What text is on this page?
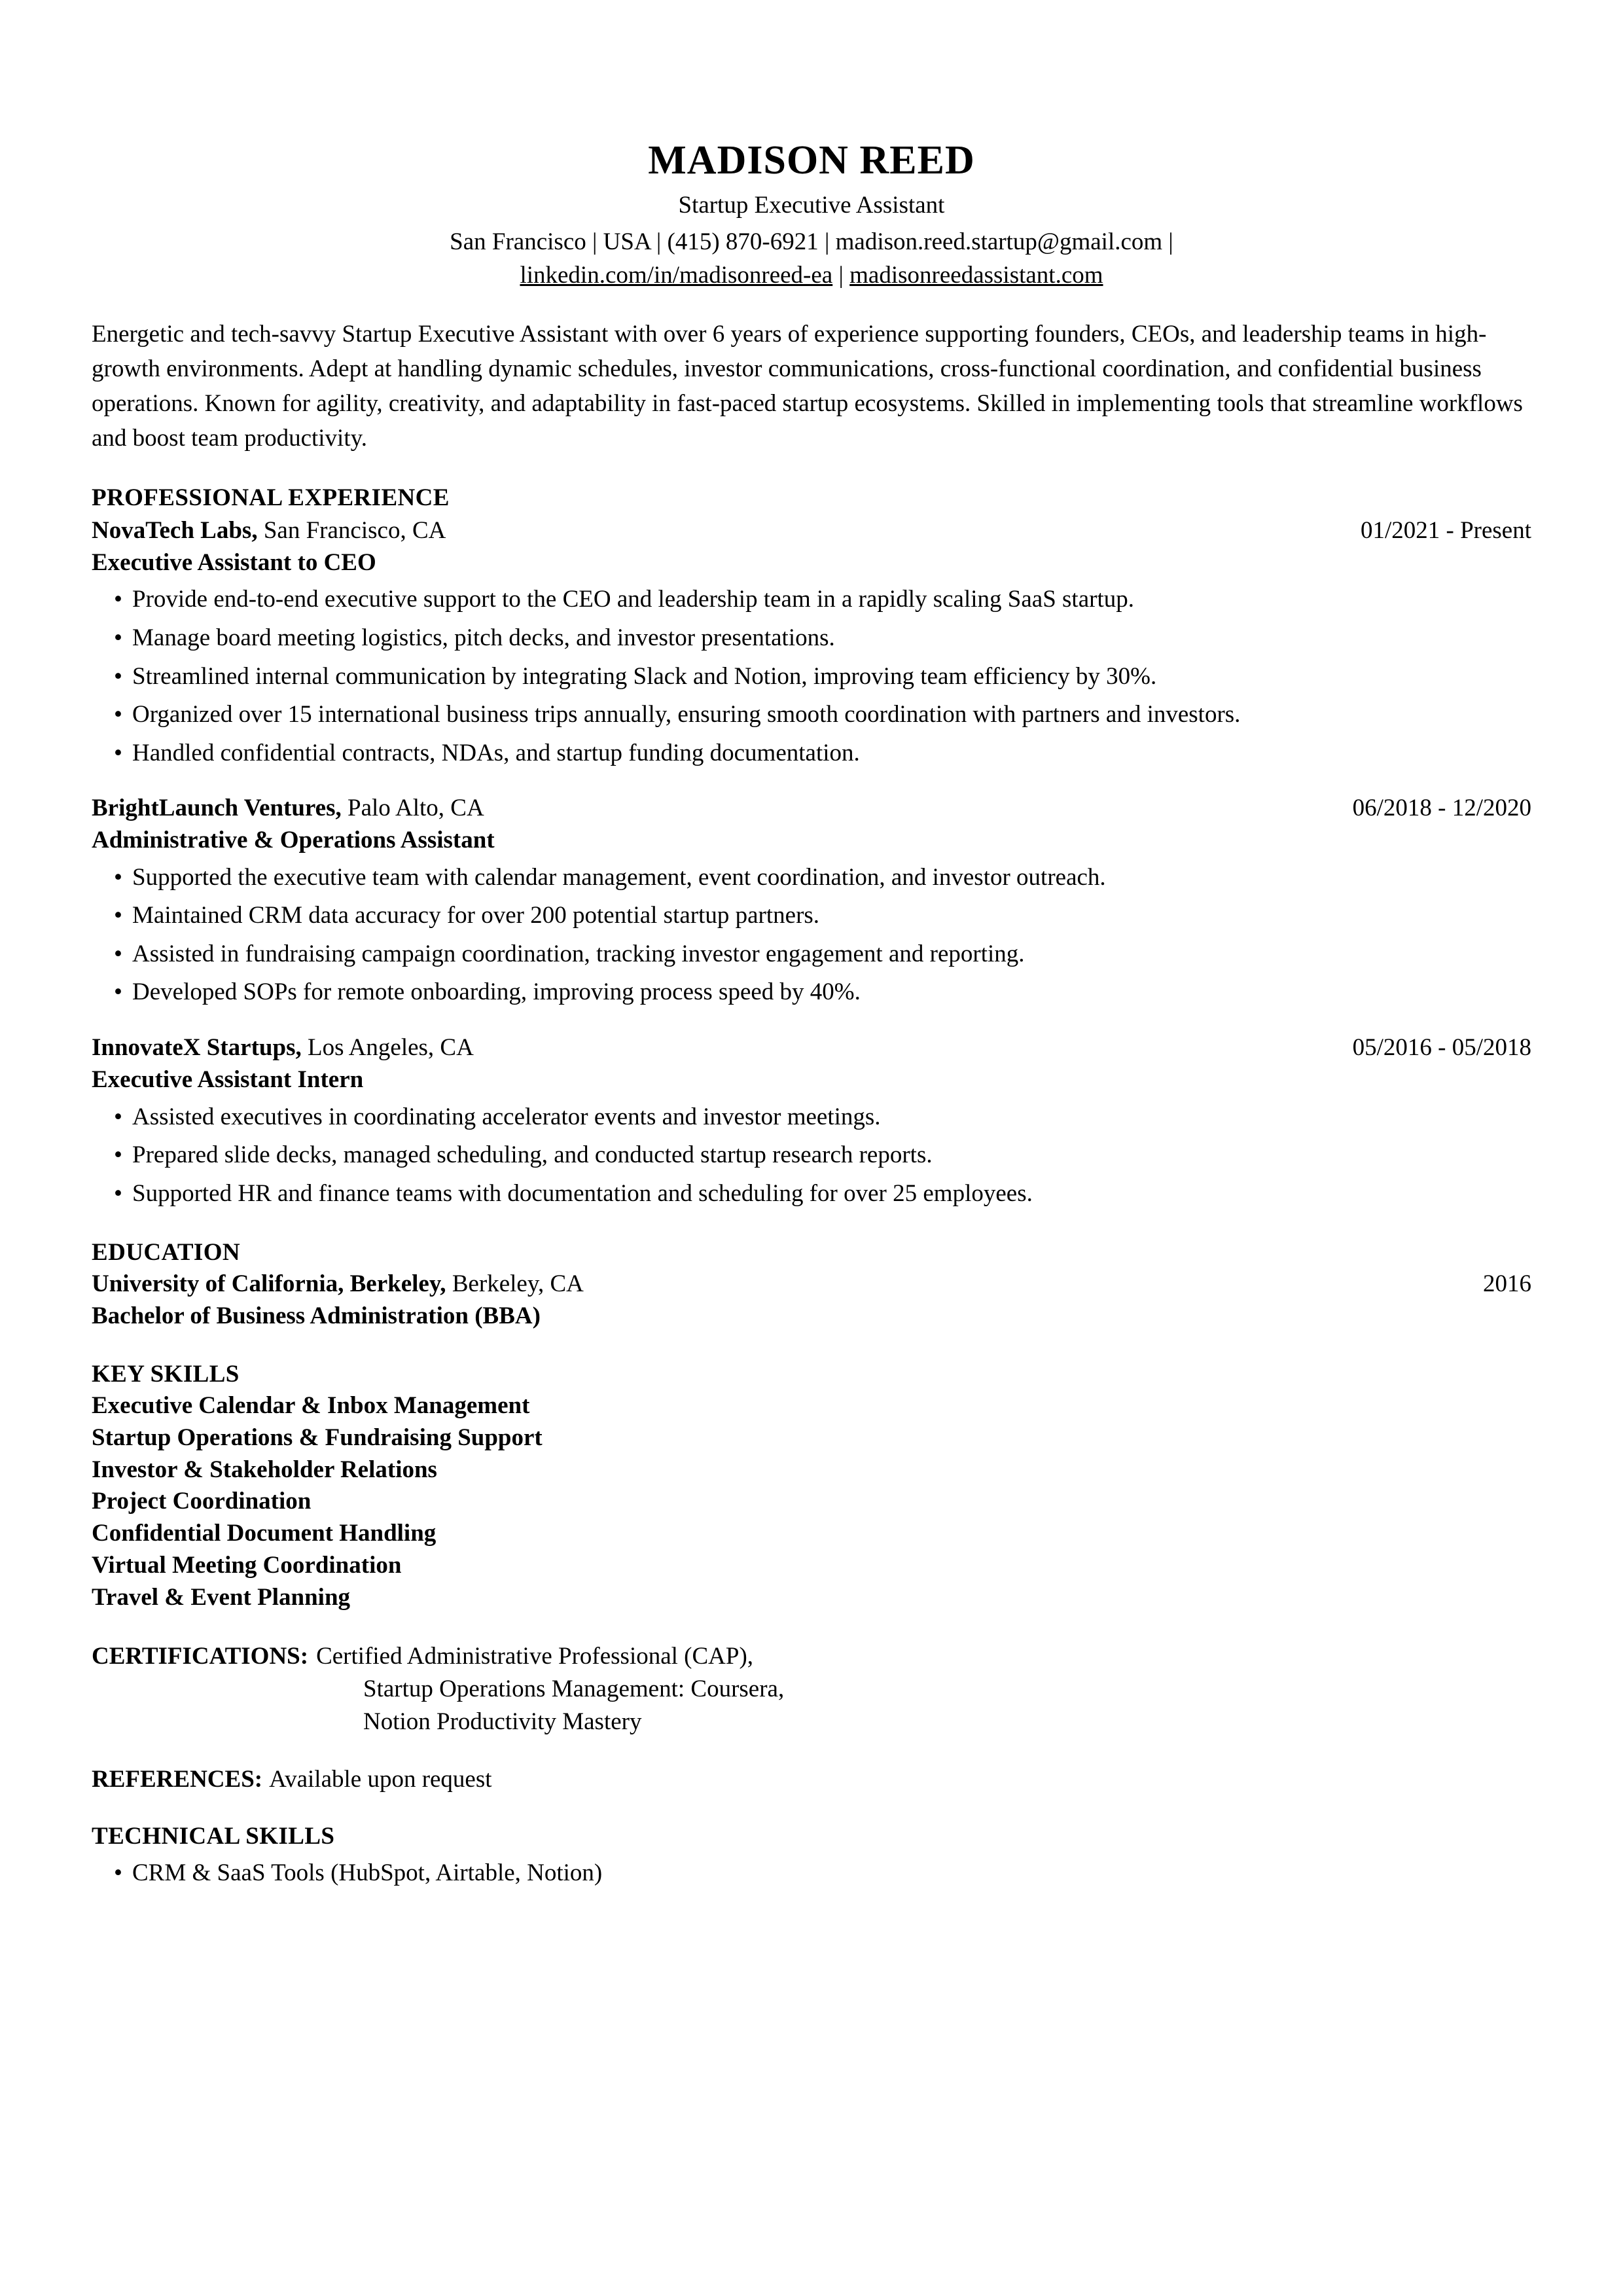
MADISON REED
Startup Executive Assistant
San Francisco | USA | (415) 870-6921 | madison.reed.startup@gmail.com |
linkedin.com/in/madisonreed-ea | madisonreedassistant.com
Energetic and tech-savvy Startup Executive Assistant with over 6 years of experience supporting founders, CEOs, and leadership teams in high-growth environments. Adept at handling dynamic schedules, investor communications, cross-functional coordination, and confidential business operations. Known for agility, creativity, and adaptability in fast-paced startup ecosystems. Skilled in implementing tools that streamline workflows and boost team productivity.
PROFESSIONAL EXPERIENCE
NovaTech Labs, San Francisco, CA	01/2021 - Present
Executive Assistant to CEO
• Provide end-to-end executive support to the CEO and leadership team in a rapidly scaling SaaS startup.
• Manage board meeting logistics, pitch decks, and investor presentations.
• Streamlined internal communication by integrating Slack and Notion, improving team efficiency by 30%.
• Organized over 15 international business trips annually, ensuring smooth coordination with partners and investors.
• Handled confidential contracts, NDAs, and startup funding documentation.
BrightLaunch Ventures, Palo Alto, CA	06/2018 - 12/2020
Administrative & Operations Assistant
• Supported the executive team with calendar management, event coordination, and investor outreach.
• Maintained CRM data accuracy for over 200 potential startup partners.
• Assisted in fundraising campaign coordination, tracking investor engagement and reporting.
• Developed SOPs for remote onboarding, improving process speed by 40%.
InnovateX Startups, Los Angeles, CA	05/2016 - 05/2018
Executive Assistant Intern
• Assisted executives in coordinating accelerator events and investor meetings.
• Prepared slide decks, managed scheduling, and conducted startup research reports.
• Supported HR and finance teams with documentation and scheduling for over 25 employees.
EDUCATION
University of California, Berkeley, Berkeley, CA	2016
Bachelor of Business Administration (BBA)
KEY SKILLS
Executive Calendar & Inbox Management
Startup Operations & Fundraising Support
Investor & Stakeholder Relations
Project Coordination
Confidential Document Handling
Virtual Meeting Coordination
Travel & Event Planning
CERTIFICATIONS: Certified Administrative Professional (CAP),
Startup Operations Management: Coursera,
Notion Productivity Mastery
REFERENCES: Available upon request
TECHNICAL SKILLS
• CRM & SaaS Tools (HubSpot, Airtable, Notion)
